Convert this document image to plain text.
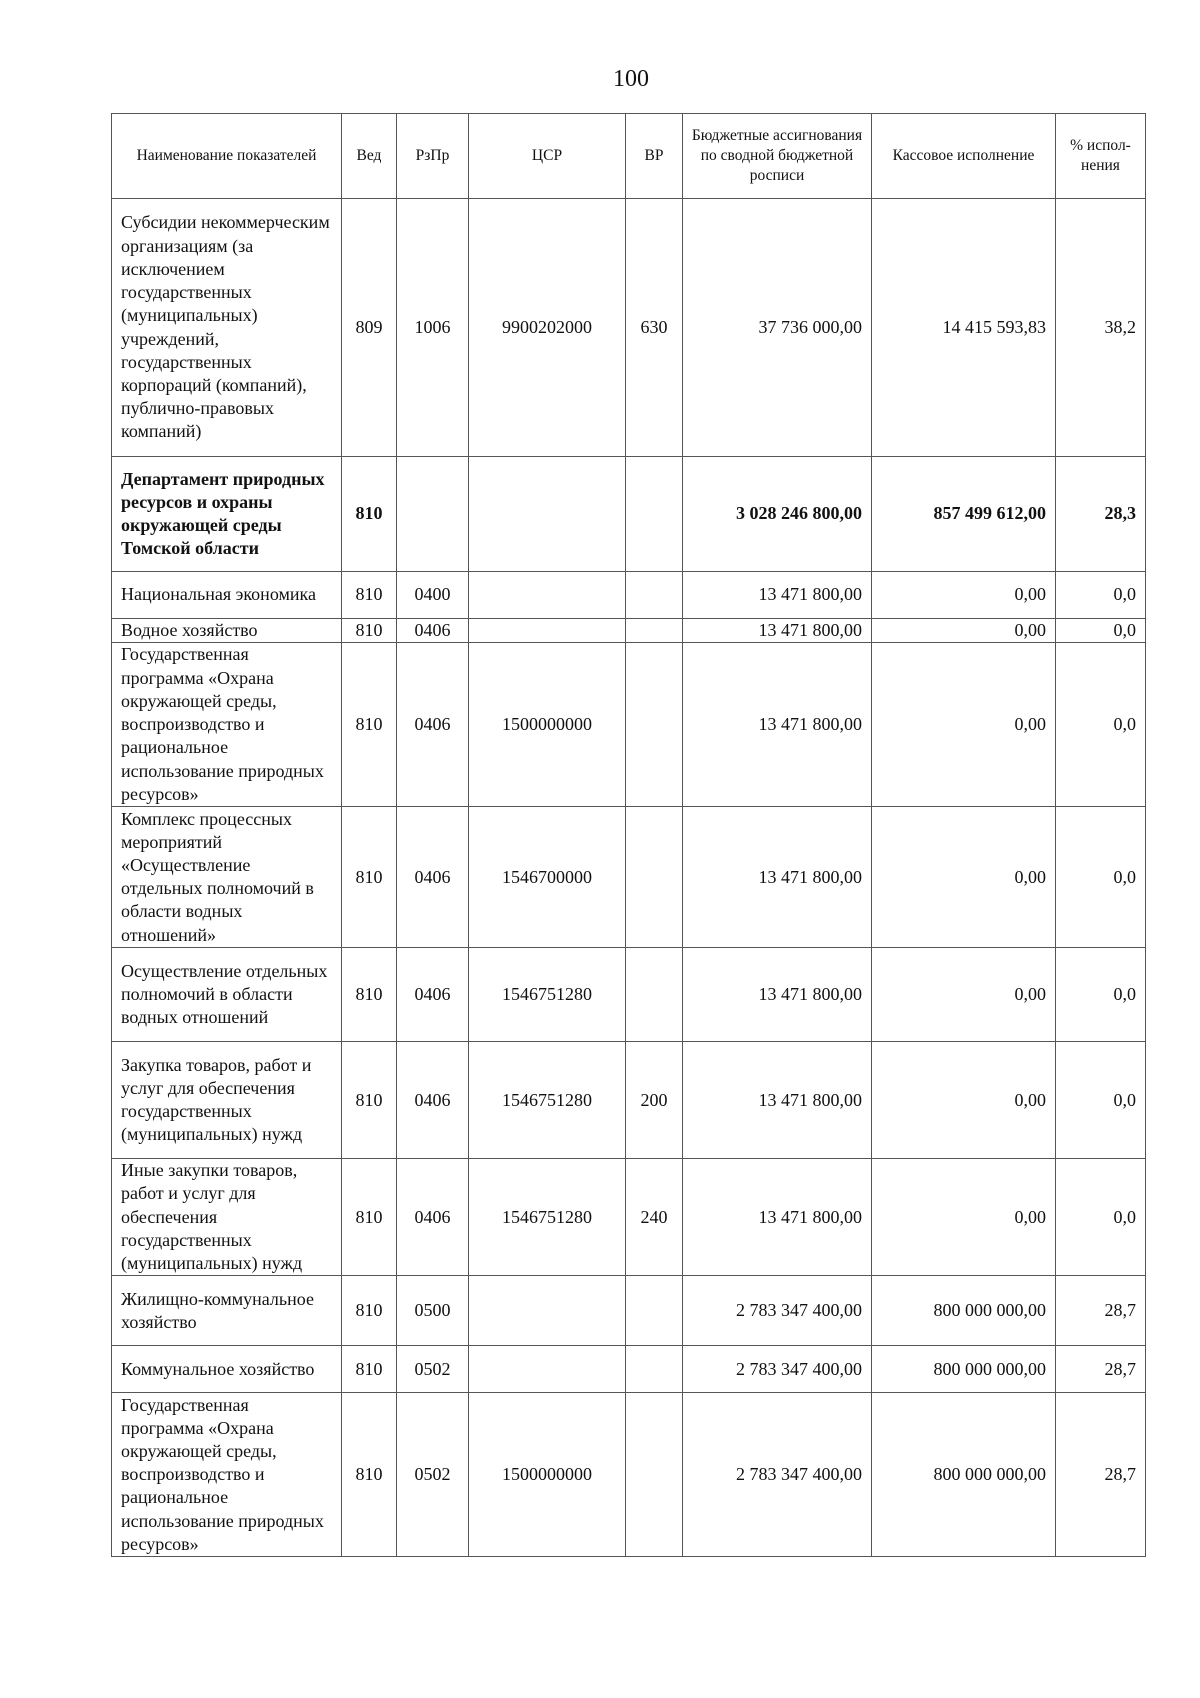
100
Наименование показателей	Вед	РзПр	ЦСР	ВР	Бюджетные ассигнования по сводной бюджетной росписи	Кассовое исполнение	% испол-нения
Субсидии некоммерческим организациям (за исключением государственных (муниципальных) учреждений, государственных корпораций (компаний), публично-правовых компаний)	809	1006	9900202000	630	37 736 000,00	14 415 593,83	38,2
Департамент природных ресурсов и охраны окружающей среды Томской области	810				3 028 246 800,00	857 499 612,00	28,3
Национальная экономика	810	0400			13 471 800,00	0,00	0,0
Водное хозяйство	810	0406			13 471 800,00	0,00	0,0
Государственная программа «Охрана окружающей среды, воспроизводство и рациональное использование природных ресурсов»	810	0406	1500000000		13 471 800,00	0,00	0,0
Комплекс процессных мероприятий «Осуществление отдельных полномочий в области водных отношений»	810	0406	1546700000		13 471 800,00	0,00	0,0
Осуществление отдельных полномочий в области водных отношений	810	0406	1546751280		13 471 800,00	0,00	0,0
Закупка товаров, работ и услуг для обеспечения государственных (муниципальных) нужд	810	0406	1546751280	200	13 471 800,00	0,00	0,0
Иные закупки товаров, работ и услуг для обеспечения государственных (муниципальных) нужд	810	0406	1546751280	240	13 471 800,00	0,00	0,0
Жилищно-коммунальное хозяйство	810	0500			2 783 347 400,00	800 000 000,00	28,7
Коммунальное хозяйство	810	0502			2 783 347 400,00	800 000 000,00	28,7
Государственная программа «Охрана окружающей среды, воспроизводство и рациональное использование природных ресурсов»	810	0502	1500000000		2 783 347 400,00	800 000 000,00	28,7
